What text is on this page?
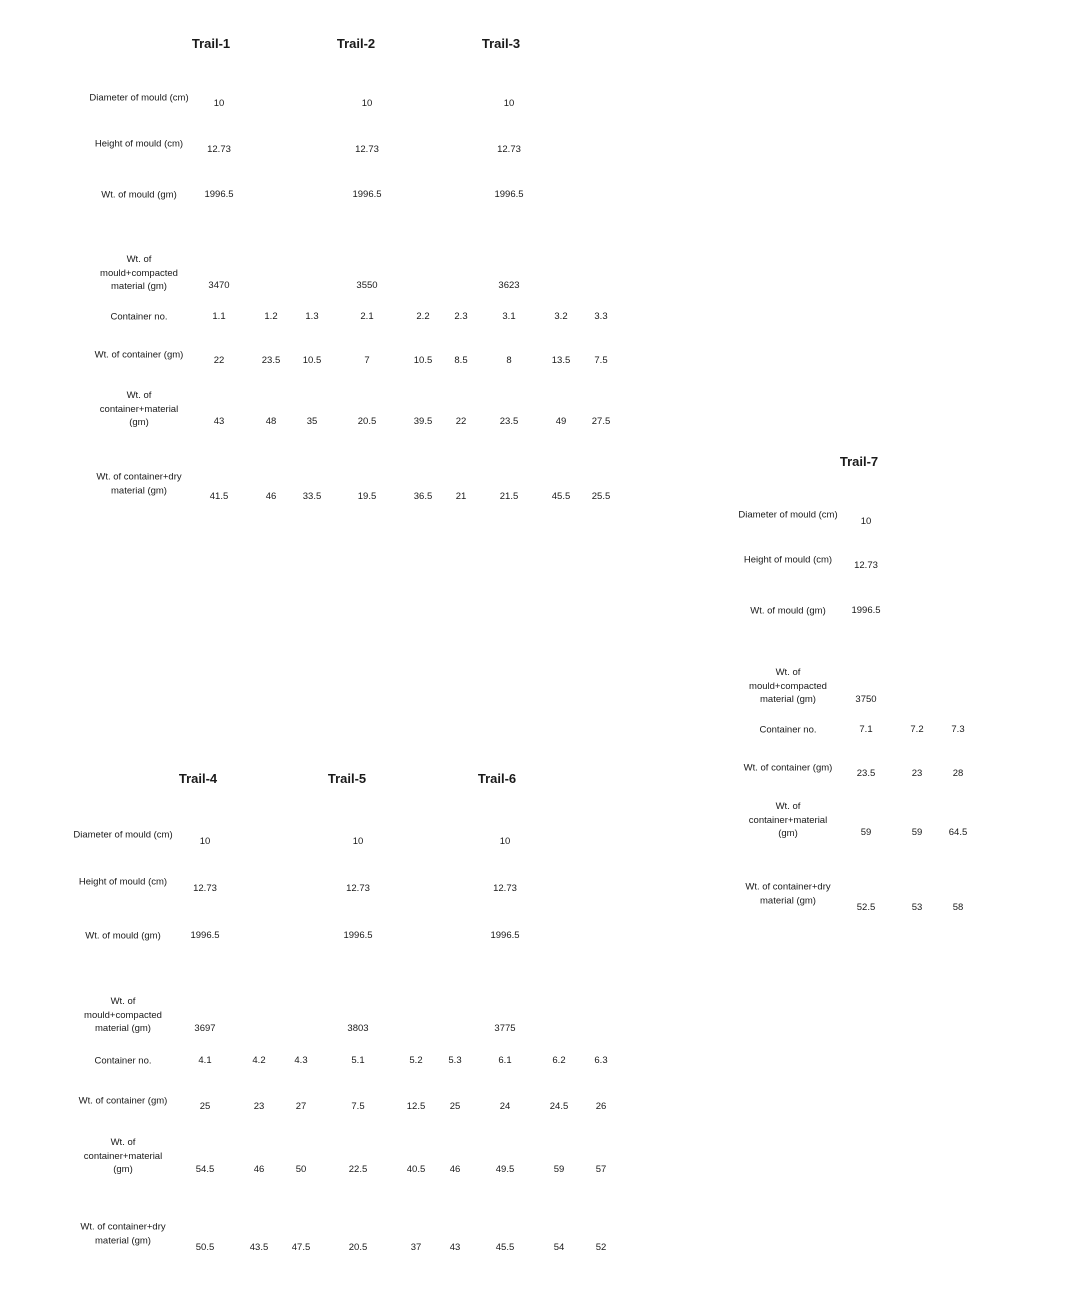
Diameter of mould (cm)
Height of mould (cm)
Wt. of mould (gm)
Wt. of mould+compacted material (gm)
Container no.
Wt. of container (gm)
Wt. of container+material (gm)
Wt. of container+dry material (gm)
Trail-1
10
12.73
1996.5
3470
1.1
22
43
41.5
1.2
23.5
48
46
1.3
10.5
35
33.5
Trail-2
10
12.73
1996.5
3550
2.1
7
20.5
19.5
2.2
10.5
39.5
36.5
2.3
8.5
22
21
Trail-3
10
12.73
1996.5
3623
3.1
8
23.5
21.5
3.2
13.5
49
45.5
3.3
7.5
27.5
25.5
Diameter of mould (cm)
Height of mould (cm)
Wt. of mould (gm)
Wt. of mould+compacted material (gm)
Container no.
Wt. of container (gm)
Wt. of container+material (gm)
Wt. of container+dry material (gm)
Trail-4
10
12.73
1996.5
3697
4.1
25
54.5
50.5
4.2
23
46
43.5
4.3
27
50
47.5
Trail-5
10
12.73
1996.5
3803
5.1
7.5
22.5
20.5
5.2
12.5
40.5
37
5.3
25
46
43
Trail-6
10
12.73
1996.5
3775
6.1
24
49.5
45.5
6.2
24.5
59
54
6.3
26
57
52
Diameter of mould (cm)
Height of mould (cm)
Wt. of mould (gm)
Wt. of mould+compacted material (gm)
Container no.
Wt. of container (gm)
Wt. of container+material (gm)
Wt. of container+dry material (gm)
Trail-7
10
12.73
1996.5
3750
7.1
23.5
59
52.5
7.2
23
59
53
7.3
28
64.5
58
